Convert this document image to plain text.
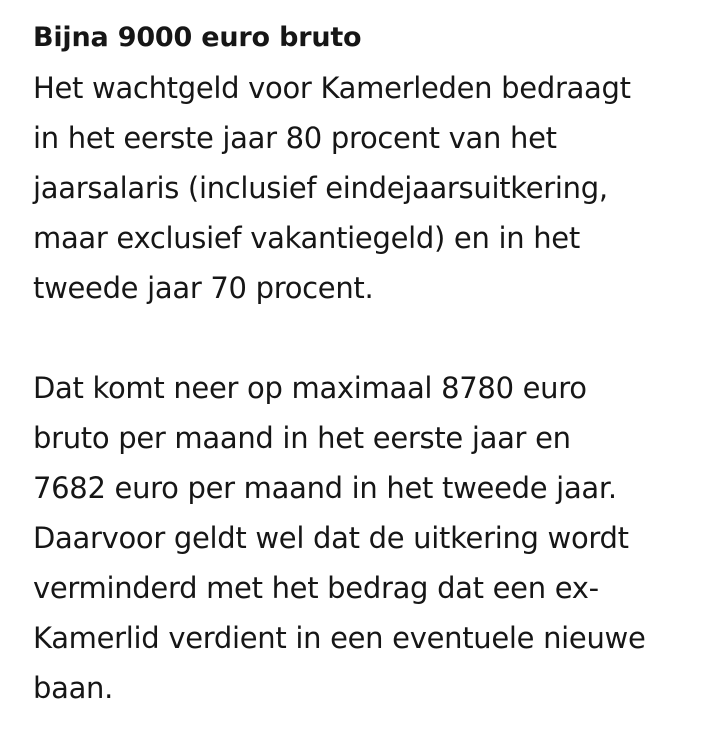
Bijna 9000 euro bruto

Het wachtgeld voor Kamerleden bedraagt
in het eerste jaar 80 procent van het
jaarsalaris (inclusief eindejaarsuitkering,
maar exclusief vakantiegeld) en in het
tweede jaar 70 procent.

Dat komt neer op maximaal 8780 euro
bruto per maand in het eerste jaar en
7682 euro per maand in het tweede jaar.
Daarvoor geldt wel dat de uitkering wordt
verminderd met het bedrag dat een ex-
Kamerlid verdient in een eventuele nieuwe
baan.
